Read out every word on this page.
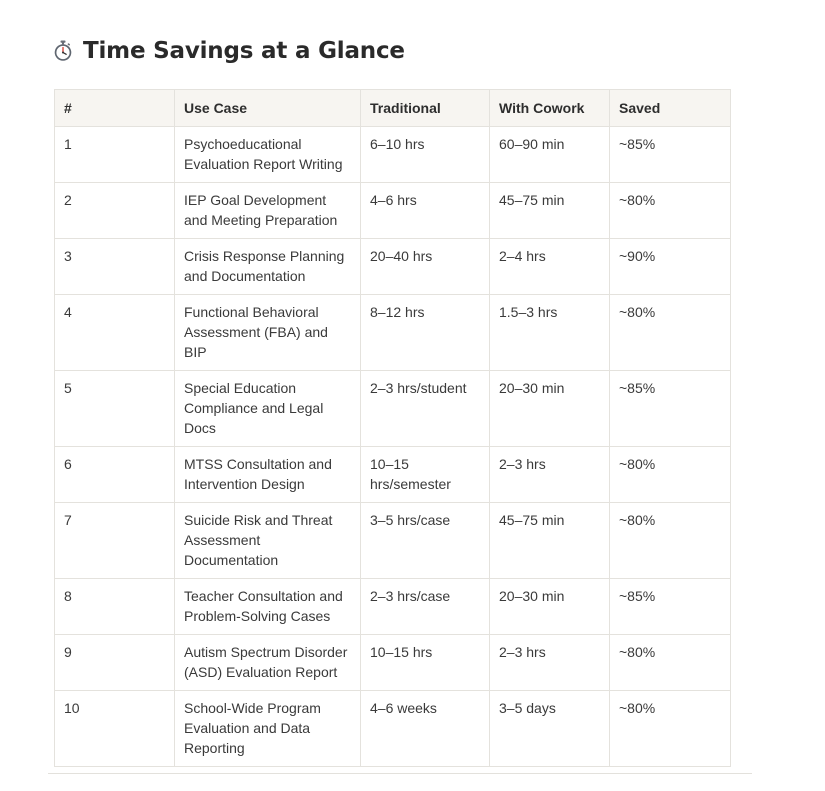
Time Savings at a Glance
#	Use Case	Traditional	With Cowork	Saved
1	Psychoeducational Evaluation Report Writing	6–10 hrs	60–90 min	~85%
2	IEP Goal Development and Meeting Preparation	4–6 hrs	45–75 min	~80%
3	Crisis Response Planning and Documentation	20–40 hrs	2–4 hrs	~90%
4	Functional Behavioral Assessment (FBA) and BIP	8–12 hrs	1.5–3 hrs	~80%
5	Special Education Compliance and Legal Docs	2–3 hrs/student	20–30 min	~85%
6	MTSS Consultation and Intervention Design	10–15 hrs/semester	2–3 hrs	~80%
7	Suicide Risk and Threat Assessment Documentation	3–5 hrs/case	45–75 min	~80%
8	Teacher Consultation and Problem-Solving Cases	2–3 hrs/case	20–30 min	~85%
9	Autism Spectrum Disorder (ASD) Evaluation Report	10–15 hrs	2–3 hrs	~80%
10	School-Wide Program Evaluation and Data Reporting	4–6 weeks	3–5 days	~80%
